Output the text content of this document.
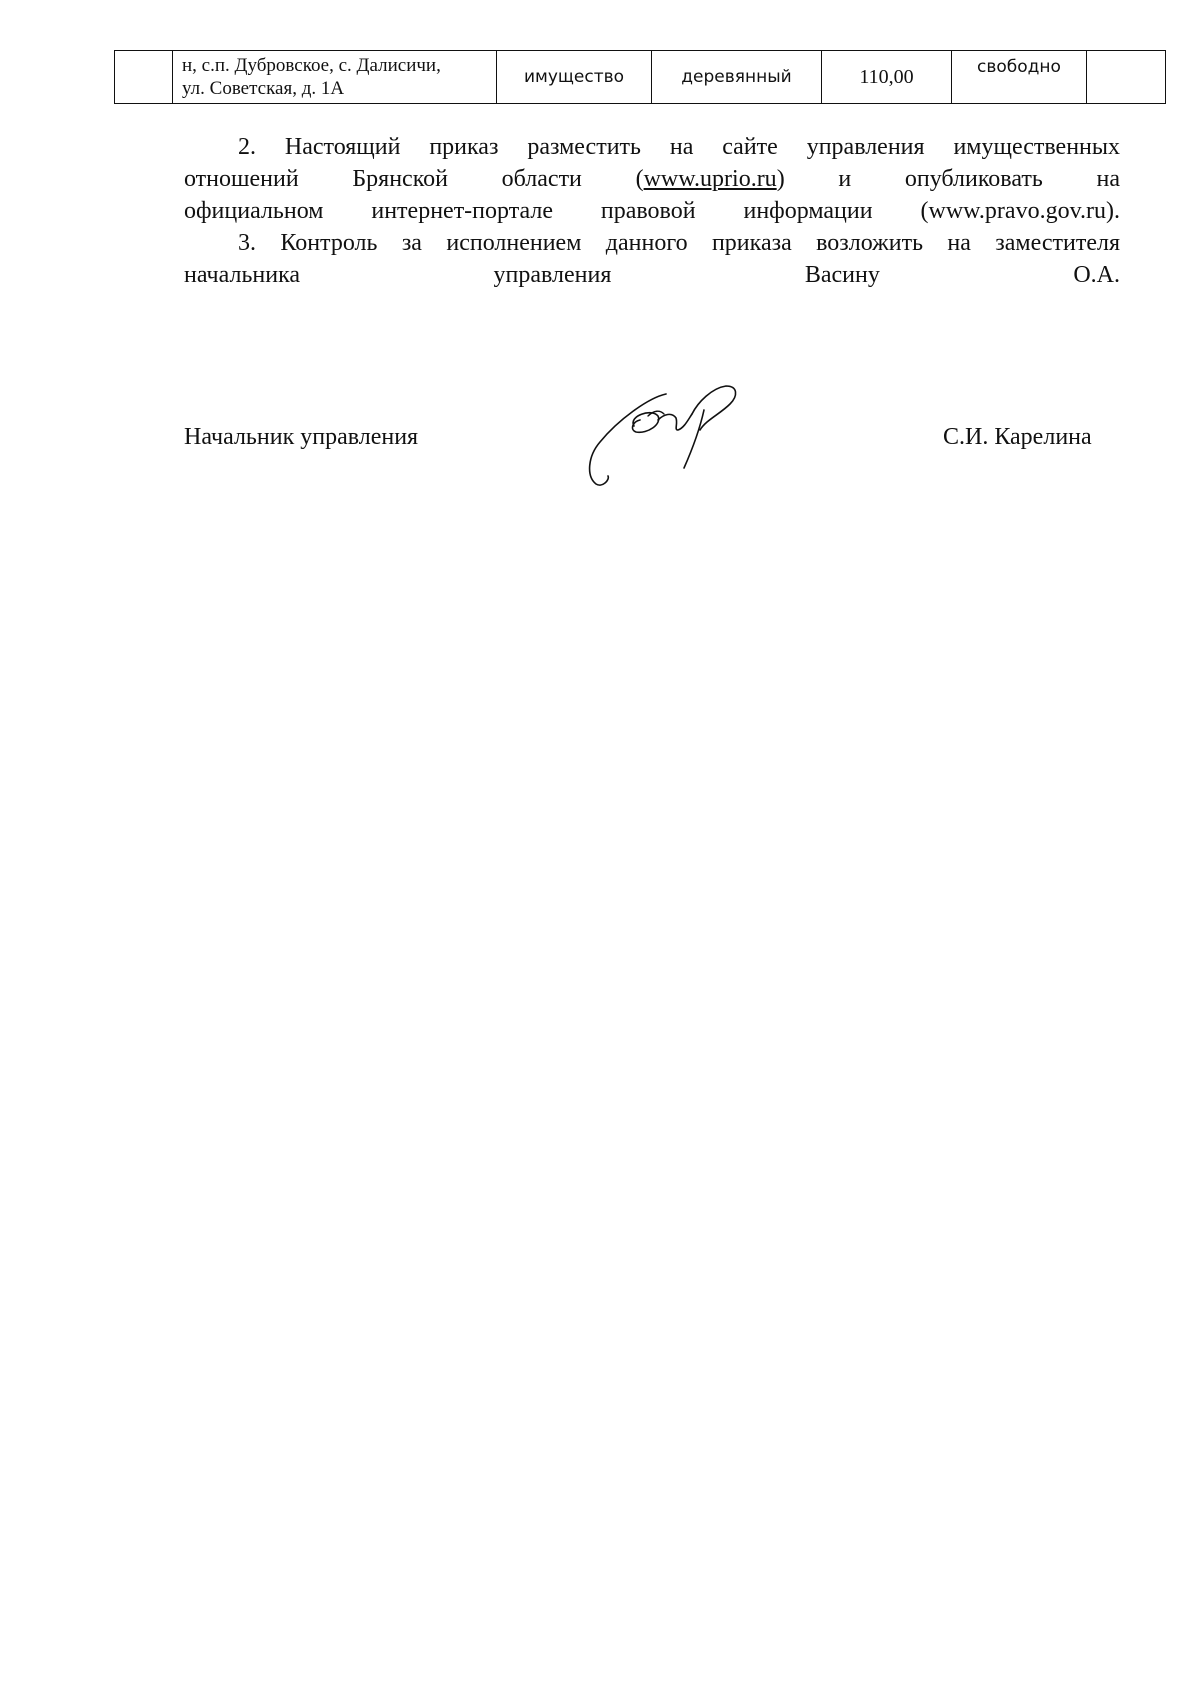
н, с.п. Дубровское, с. Далисичи,
ул. Советская, д. 1А
	имущество	деревянный	110,00	свободно	
2. Настоящий приказ разместить на сайте управления имущественных
отношений Брянской области (www.uprio.ru) и опубликовать на
официальном интернет-портале правовой информации (www.pravo.gov.ru).
3. Контроль за исполнением данного приказа возложить на заместителя
начальника управления Васину О.А.
Начальник управления	С.И. Карелина
